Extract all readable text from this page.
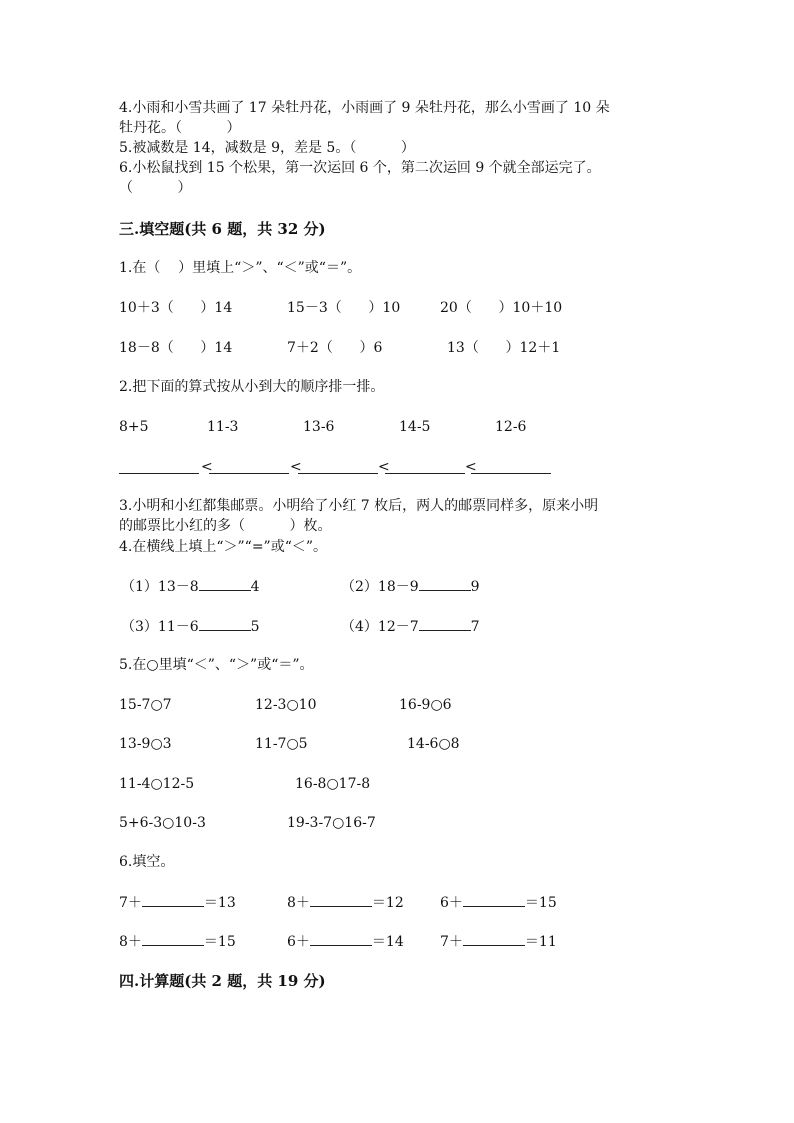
4.小雨和小雪共画了 17 朵牡丹花，小雨画了 9 朵牡丹花，那么小雪画了 10 朵
牡丹花。（          ）
5.被减数是 14，减数是 9，差是 5。（          ）
6.小松鼠找到 15 个松果，第一次运回 6 个，第二次运回 9 个就全部运完了。
（          ）
三.填空题(共 6 题，共 32 分)
1.在（    ）里填上“＞”、“＜”或“＝”。
10＋3（      ）14	15－3（      ）10	20（      ）10＋10
18－8（      ）14	7＋2（      ）6	13（      ）12＋1
2.把下面的算式按从小到大的顺序排一排。
8+5	11-3	13-6	14-5	12-6
<	<	<	<
3.小明和小红都集邮票。小明给了小红 7 枚后，两人的邮票同样多，原来小明
的邮票比小红的多（          ）枚。
4.在横线上填上“＞”“=”或“＜”。
（1）13－8	4	（2）18－9	9
（3）11－6	5	（4）12－7	7
5.在○里填“＜”、“＞”或“＝”。
15-7○7	12-3○10	16-9○6
13-9○3	11-7○5	14-6○8
11-4○12-5	16-8○17-8
5+6-3○10-3	19-3-7○16-7
6.填空。
7＋	＝13	8＋	＝12	6＋	＝15
8＋	＝15	6＋	＝14	7＋	＝11
四.计算题(共 2 题，共 19 分)
